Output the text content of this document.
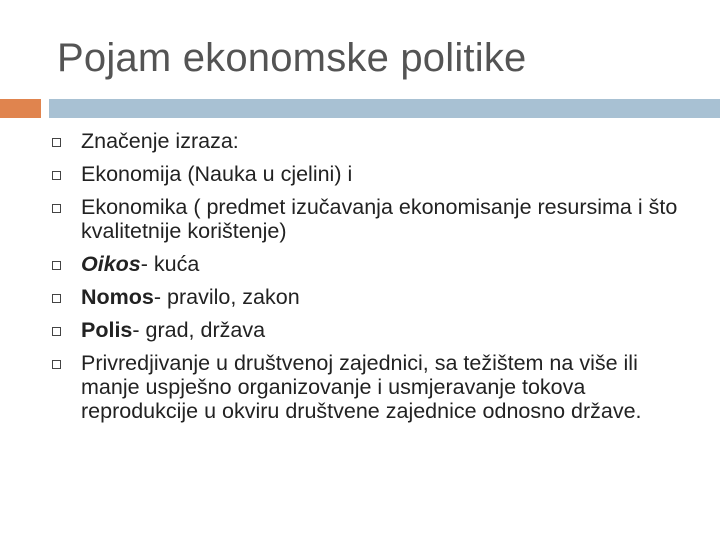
Pojam ekonomske politike
Značenje izraza:
Ekonomija (Nauka u cjelini) i
Ekonomika ( predmet izučavanja ekonomisanje resursima i što kvalitetnije korištenje)
Oikos- kuća
Nomos- pravilo, zakon
Polis- grad, država
Privredjivanje u društvenoj zajednici, sa težištem na više ili manje uspješno organizovanje i usmjeravanje tokova reprodukcije u okviru društvene zajednice odnosno države.
